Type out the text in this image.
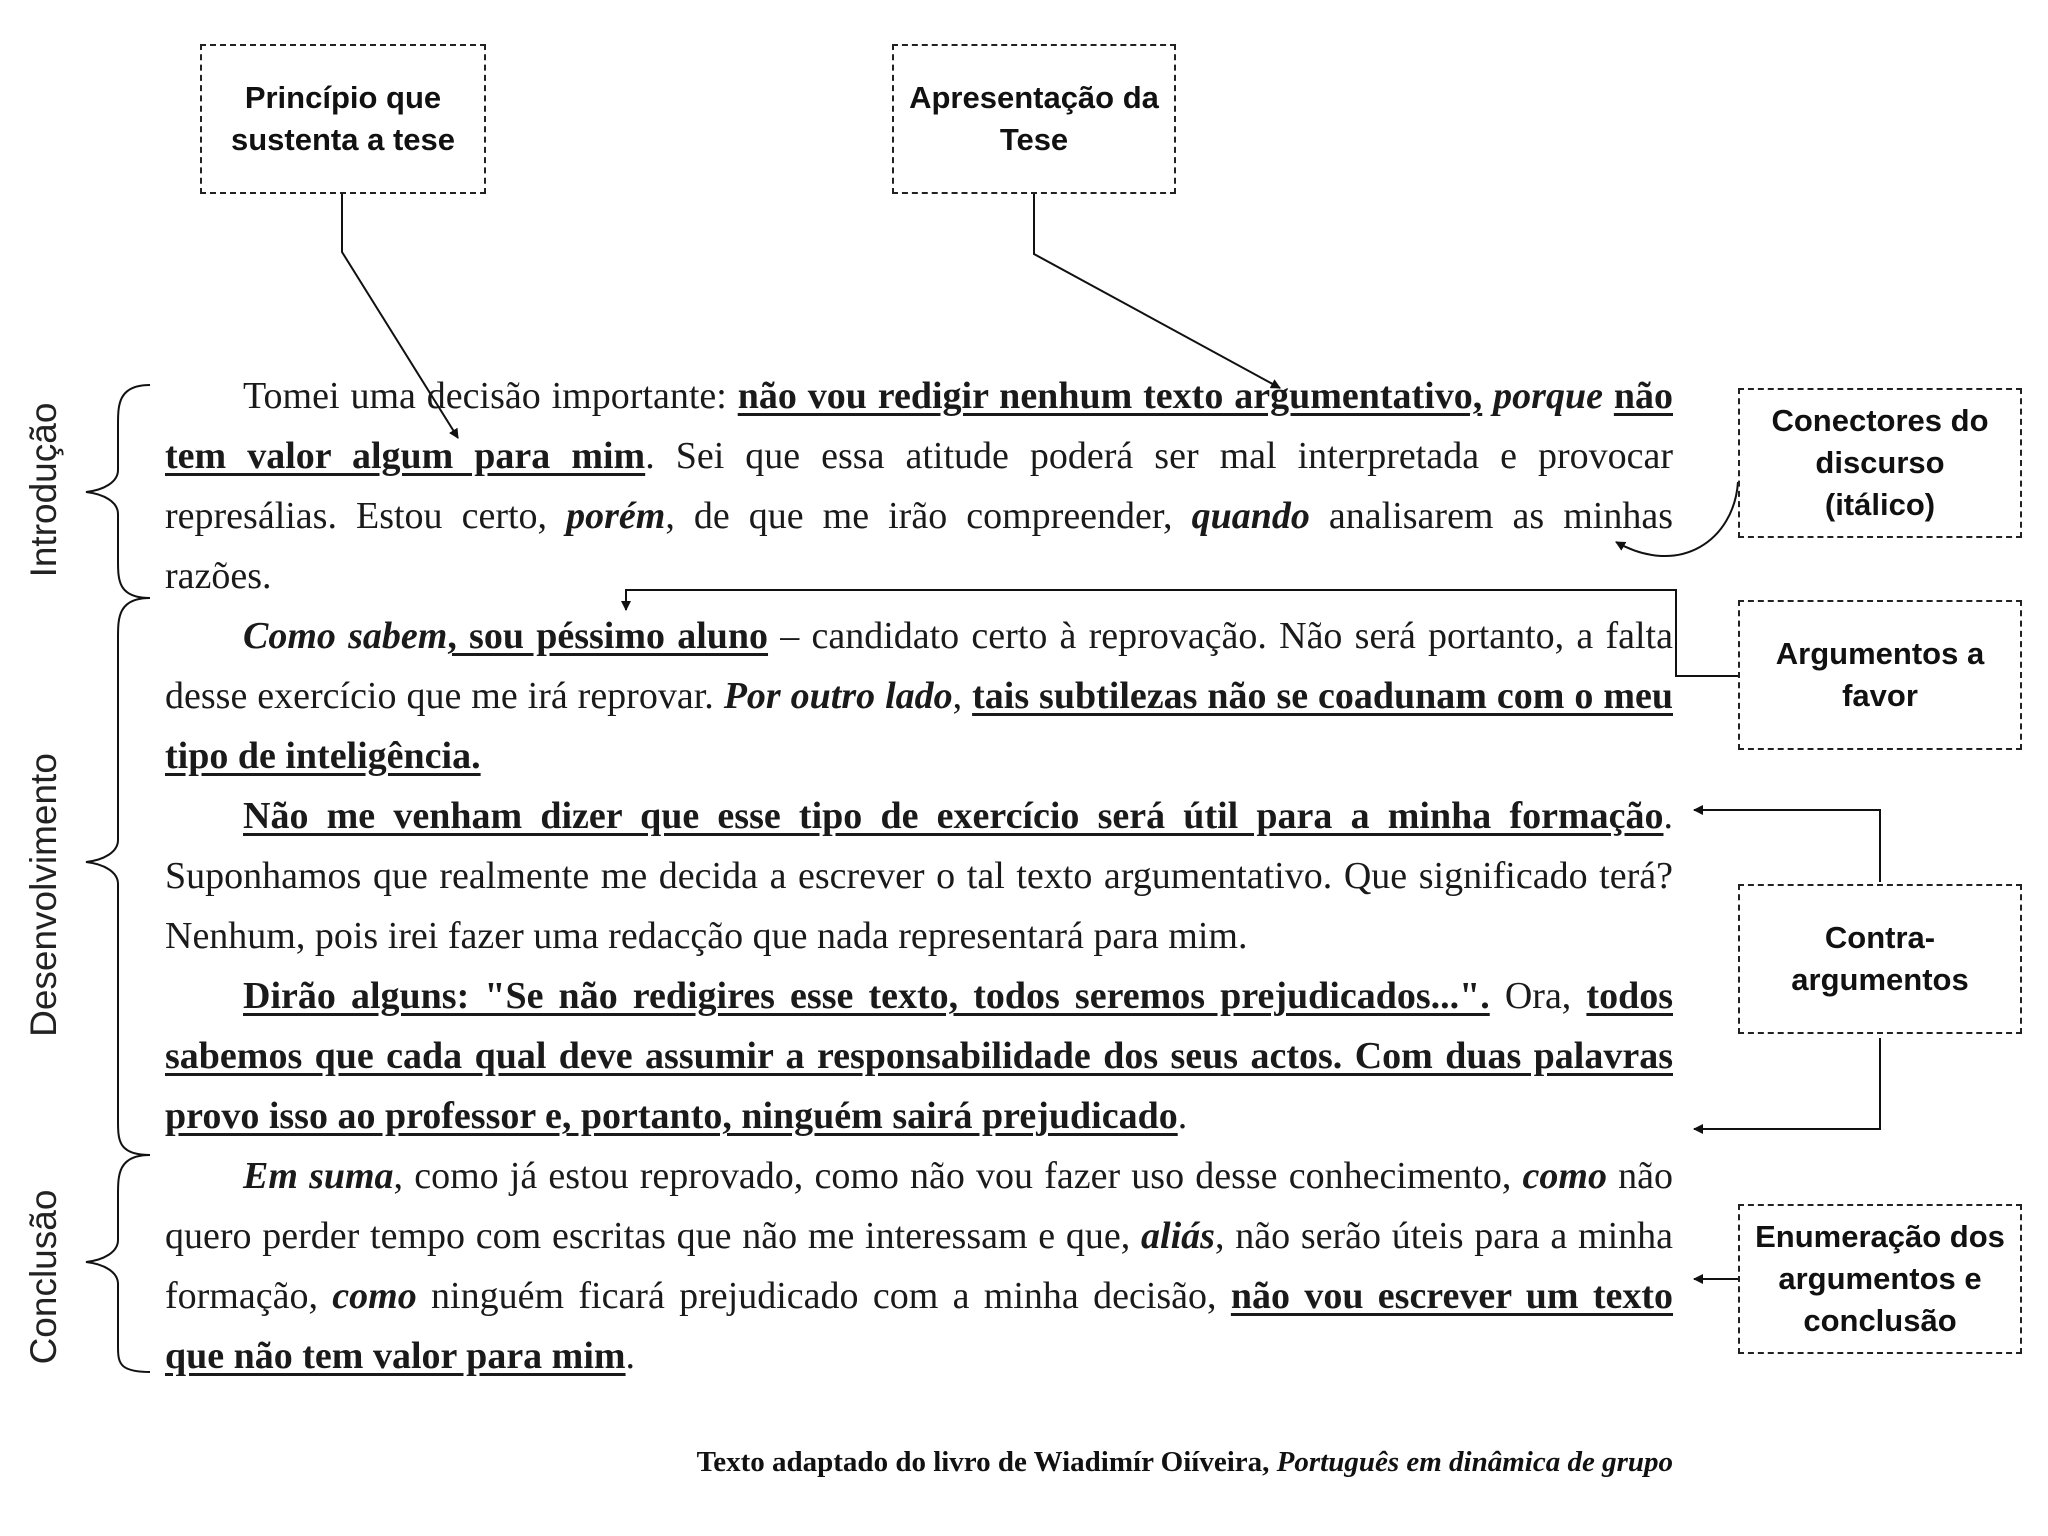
Princípio que
sustenta a tese
Apresentação da
Tese
Conectores do
discurso
(itálico)
Argumentos a
favor
Contra-
argumentos
Enumeração dos
argumentos e
conclusão
Introdução
Desenvolvimento
Conclusão

Tomei uma decisão importante: não vou redigir nenhum texto argumentativo, porque não tem valor algum para mim. Sei que essa atitude poderá ser mal interpretada e provocar represálias. Estou certo, porém, de que me irão compreender, quando analisarem as minhas razões.

Como sabem, sou péssimo aluno – candidato certo à reprovação. Não será portanto, a falta desse exercício que me irá reprovar. Por outro lado, tais subtilezas não se coadunam com o meu tipo de inteligência.

Não me venham dizer que esse tipo de exercício será útil para a minha formação. Suponhamos que realmente me decida a escrever o tal texto argumentativo. Que significado terá? Nenhum, pois irei fazer uma redacção que nada representará para mim.

Dirão alguns: "Se não redigires esse texto, todos seremos prejudicados...". Ora, todos sabemos que cada qual deve assumir a responsabilidade dos seus actos. Com duas palavras provo isso ao professor e, portanto, ninguém sairá prejudicado.

Em suma, como já estou reprovado, como não vou fazer uso desse conhecimento, como não quero perder tempo com escritas que não me interessam e que, aliás, não serão úteis para a minha formação, como ninguém ficará prejudicado com a minha decisão, não vou escrever um texto que não tem valor para mim.

Texto adaptado do livro de Wiadimír Oiíveira, Português em dinâmica de grupo
